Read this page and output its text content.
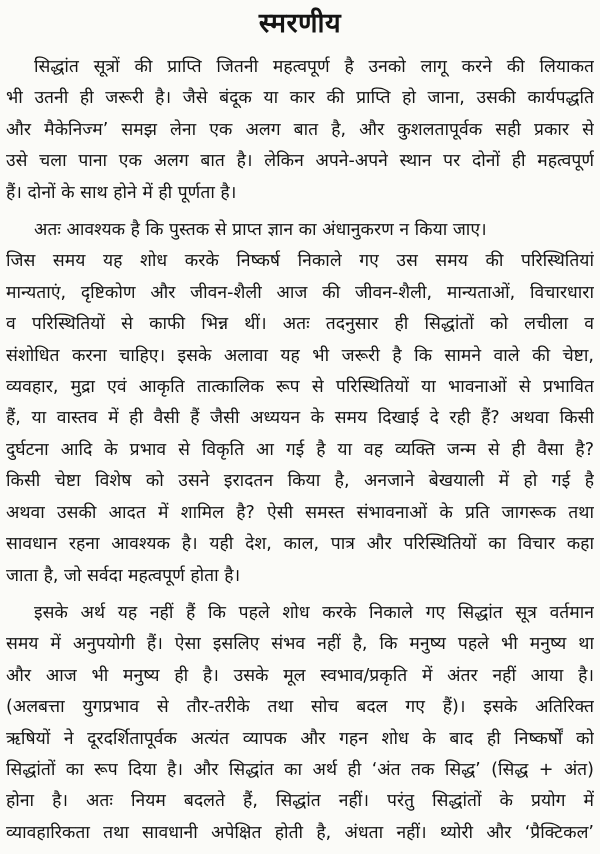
स्मरणीय
सिद्धांत सूत्रों की प्राप्ति जितनी महत्वपूर्ण है उनको लागू करने की लियाकत
भी उतनी ही जरूरी है। जैसे बंदूक या कार की प्राप्ति हो जाना, उसकी कार्यपद्धति
और मैकेनिज्म’ समझ लेना एक अलग बात है, और कुशलतापूर्वक सही प्रकार से
उसे चला पाना एक अलग बात है। लेकिन अपने-अपने स्थान पर दोनों ही महत्वपूर्ण
हैं। दोनों के साथ होने में ही पूर्णता है।
अतः आवश्यक है कि पुस्तक से प्राप्त ज्ञान का अंधानुकरण न किया जाए।
जिस समय यह शोध करके निष्कर्ष निकाले गए उस समय की परिस्थितियां
मान्यताएं, दृष्टिकोण और जीवन-शैली आज की जीवन-शैली, मान्यताओं, विचारधारा
व परिस्थितियों से काफी भिन्न थीं। अतः तदनुसार ही सिद्धांतों को लचीला व
संशोधित करना चाहिए। इसके अलावा यह भी जरूरी है कि सामने वाले की चेष्टा,
व्यवहार, मुद्रा एवं आकृति तात्कालिक रूप से परिस्थितियों या भावनाओं से प्रभावित
हैं, या वास्तव में ही वैसी हैं जैसी अध्ययन के समय दिखाई दे रही हैं? अथवा किसी
दुर्घटना आदि के प्रभाव से विकृति आ गई है या वह व्यक्ति जन्म से ही वैसा है?
किसी चेष्टा विशेष को उसने इरादतन किया है, अनजाने बेखयाली में हो गई है
अथवा उसकी आदत में शामिल है? ऐसी समस्त संभावनाओं के प्रति जागरूक तथा
सावधान रहना आवश्यक है। यही देश, काल, पात्र और परिस्थितियों का विचार कहा
जाता है, जो सर्वदा महत्वपूर्ण होता है।
इसके अर्थ यह नहीं हैं कि पहले शोध करके निकाले गए सिद्धांत सूत्र वर्तमान
समय में अनुपयोगी हैं। ऐसा इसलिए संभव नहीं है, कि मनुष्य पहले भी मनुष्य था
और आज भी मनुष्य ही है। उसके मूल स्वभाव/प्रकृति में अंतर नहीं आया है।
(अलबत्ता युगप्रभाव से तौर-तरीके तथा सोच बदल गए हैं)। इसके अतिरिक्त
ऋषियों ने दूरदर्शितापूर्वक अत्यंत व्यापक और गहन शोध के बाद ही निष्कर्षों को
सिद्धांतों का रूप दिया है। और सिद्धांत का अर्थ ही ‘अंत तक सिद्ध’ (सिद्ध + अंत)
होना है। अतः नियम बदलते हैं, सिद्धांत नहीं। परंतु सिद्धांतों के प्रयोग में
व्यावहारिकता तथा सावधानी अपेक्षित होती है, अंधता नहीं। थ्योरी और ‘प्रैक्टिकल’
